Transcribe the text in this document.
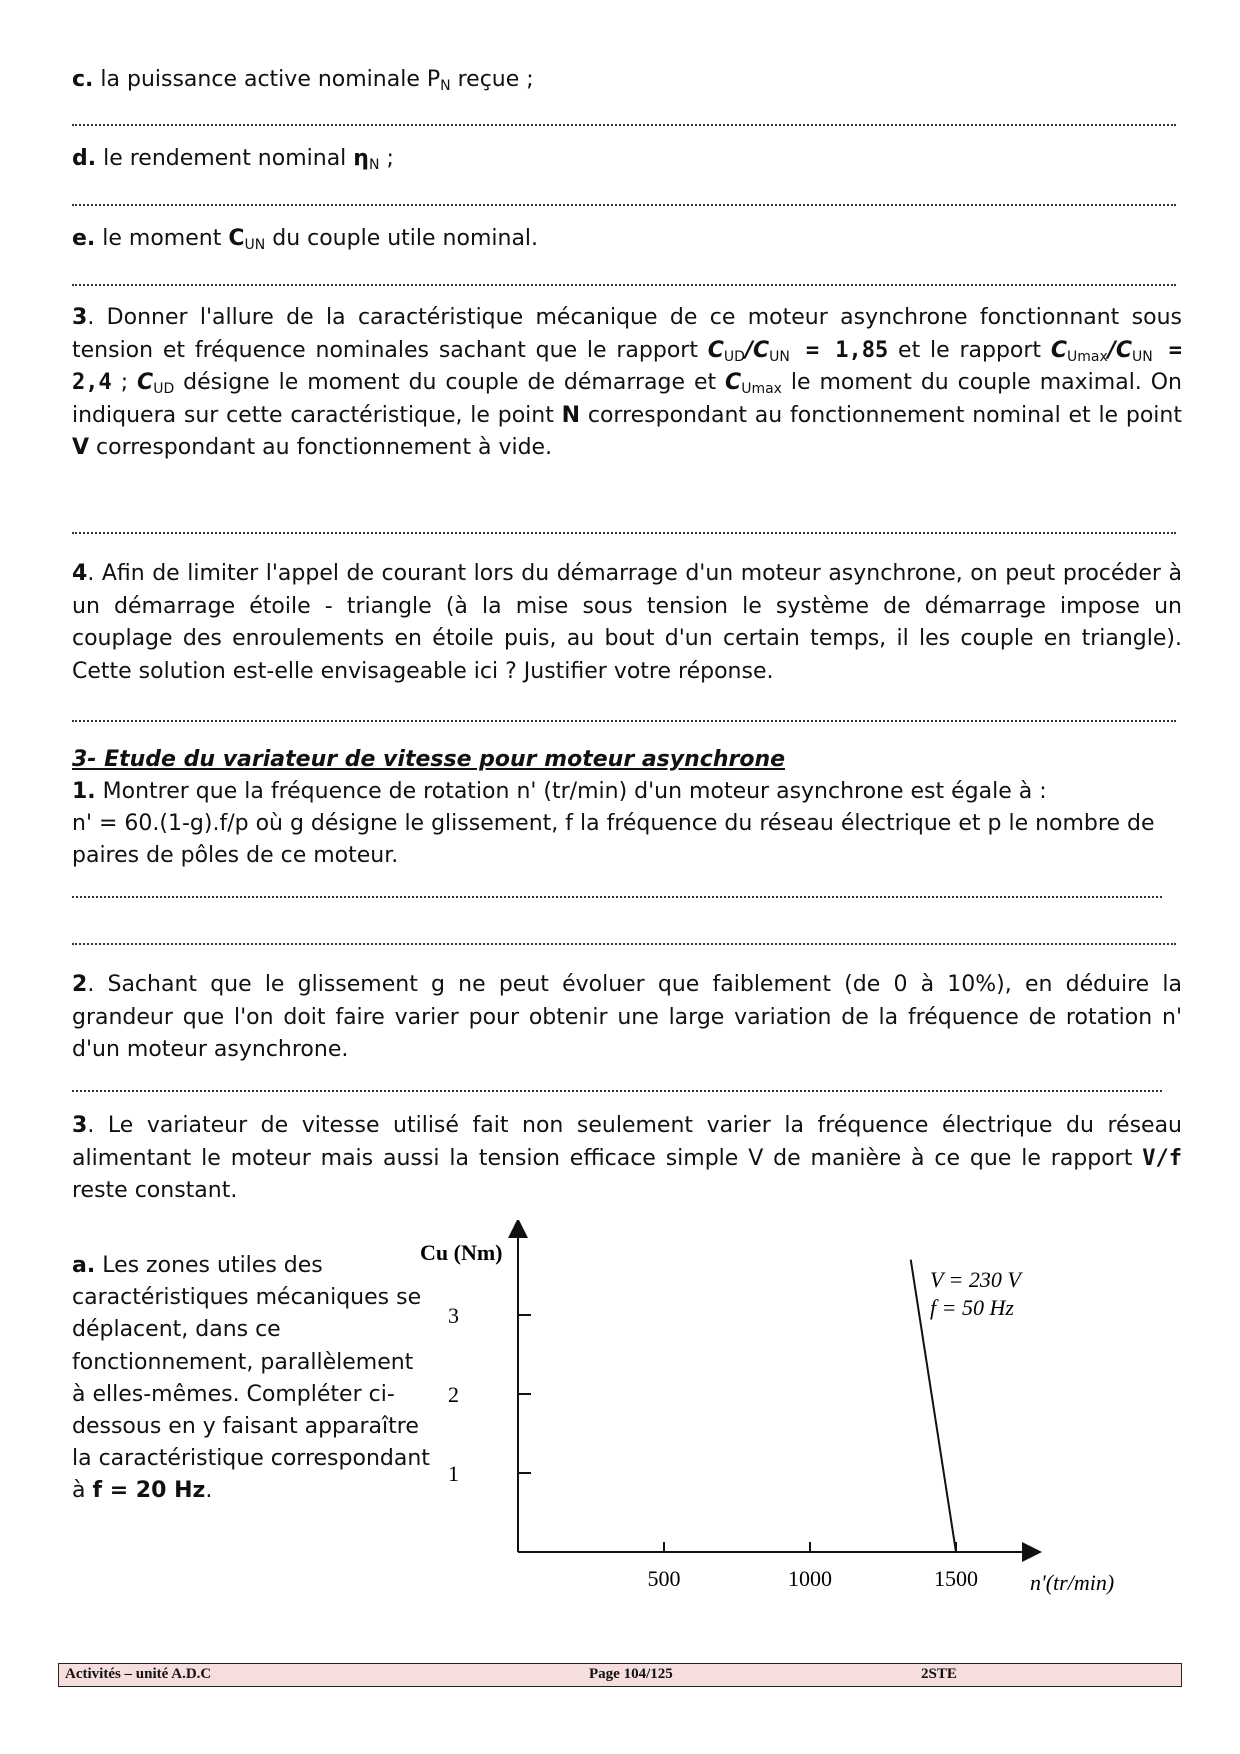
c. la puissance active nominale $P_N$ reçue ;
d. le rendement nominal $\eta_N$ ;
e. le moment $C_{UN}$ du couple utile nominal.
3. Donner l'allure de la caractéristique mécanique de ce moteur asynchrone fonctionnant sous tension et fréquence nominales sachant que le rapport $C_{UD}/C_{UN} = 1,85$ et le rapport $C_{Umax}/C_{UN} = 2,4$ ; $C_{UD}$ désigne le moment du couple de démarrage et $C_{Umax}$ le moment du couple maximal. On indiquera sur cette caractéristique, le point N correspondant au fonctionnement nominal et le point V correspondant au fonctionnement à vide.
4. Afin de limiter l'appel de courant lors du démarrage d'un moteur asynchrone, on peut procéder à un démarrage étoile - triangle (à la mise sous tension le système de démarrage impose un couplage des enroulements en étoile puis, au bout d'un certain temps, il les couple en triangle). Cette solution est-elle envisageable ici ? Justifier votre réponse.
3- Etude du variateur de vitesse pour moteur asynchrone
1. Montrer que la fréquence de rotation n' (tr/min) d'un moteur asynchrone est égale à :
n' = 60.(1-g).f/p où g désigne le glissement, f la fréquence du réseau électrique et p le nombre de
paires de pôles de ce moteur.
2. Sachant que le glissement g ne peut évoluer que faiblement (de 0 à 10%), en déduire la grandeur que l'on doit faire varier pour obtenir une large variation de la fréquence de rotation n' d'un moteur asynchrone.
3. Le variateur de vitesse utilisé fait non seulement varier la fréquence électrique du réseau alimentant le moteur mais aussi la tension efficace simple V de manière à ce que le rapport V/f reste constant.
a. Les zones utiles des caractéristiques mécaniques se déplacent, dans ce fonctionnement, parallèlement à elles-mêmes. Compléter ci-dessous en y faisant apparaître la caractéristique correspondant à f = 20 Hz.
Cu (Nm)
n'(tr/min)
500	1000	1500
1
2
3
V = 230 V
f = 50 Hz
Activités – unité A.D.C	Page 104/125	2STE
